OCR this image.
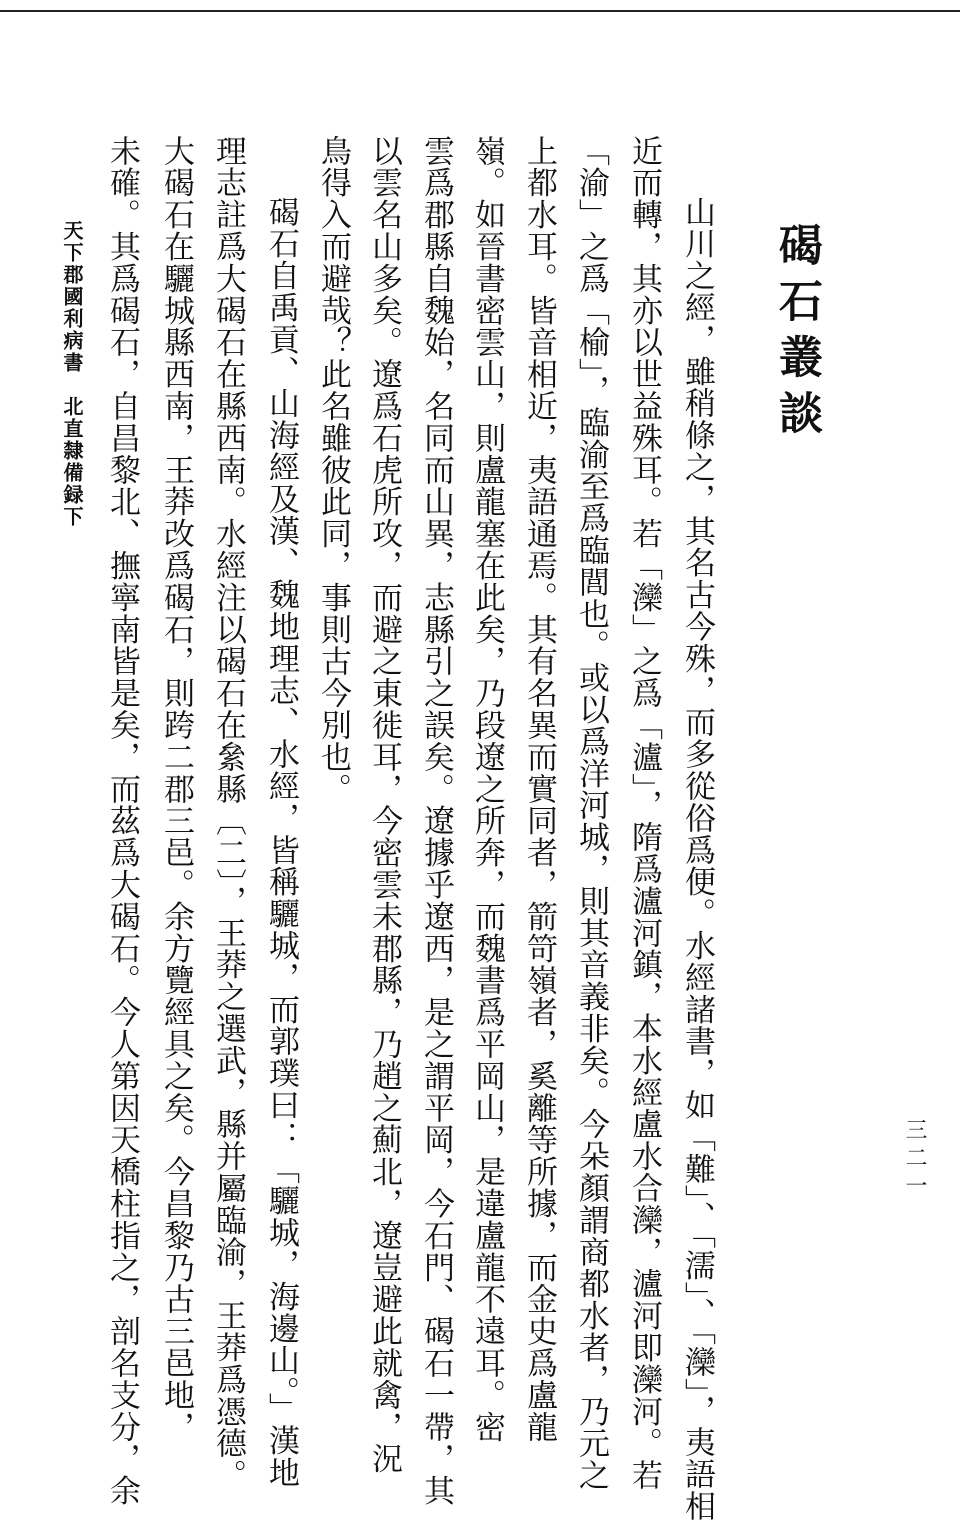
碣石叢談
山川之經，雖稍條之，其名古今殊，而多從俗爲便。水經諸書，如「難」、「濡」、「灤」，夷語相
近而轉，其亦以世益殊耳。若「灤」之爲「瀘」，隋爲瀘河鎮，本水經盧水合灤，瀘河即灤河。若
「渝」之爲「榆」，臨渝至爲臨閭也。或以爲洋河城，則其音義非矣。今朵顏謂商都水者，乃元之
上都水耳。皆音相近，夷語通焉。其有名異而實同者，箭笴嶺者，奚離等所據，而金史爲盧龍
嶺。如晉書密雲山，則盧龍塞在此矣，乃段遼之所奔，而魏書爲平岡山，是違盧龍不遠耳。密
雲爲郡縣自魏始，名同而山異，志縣引之誤矣。遼據乎遼西，是之謂平岡，今石門、碣石一帶，其
以雲名山多矣。遼爲石虎所攻，而避之東徙耳，今密雲未郡縣，乃趙之薊北，遼豈避此就禽，況
鳥得入而避哉？此名雖彼此同，事則古今別也。
碣石自禹貢、山海經及漢、魏地理志、水經，皆稱驪城，而郭璞曰：「驪城，海邊山。」漢地
理志註爲大碣石在縣西南。水經注以碣石在絫縣〔二〕，王莽之選武，縣并屬臨渝，王莽爲憑德。
大碣石在驪城縣西南，王莽改爲碣石，則跨二郡三邑。余方覽經具之矣。今昌黎乃古三邑地，
未確。其爲碣石，自昌黎北、撫寧南皆是矣，而茲爲大碣石。今人第因天橋柱指之，剖名支分，余
天下郡國利病書　北直隸備録下
三二一
